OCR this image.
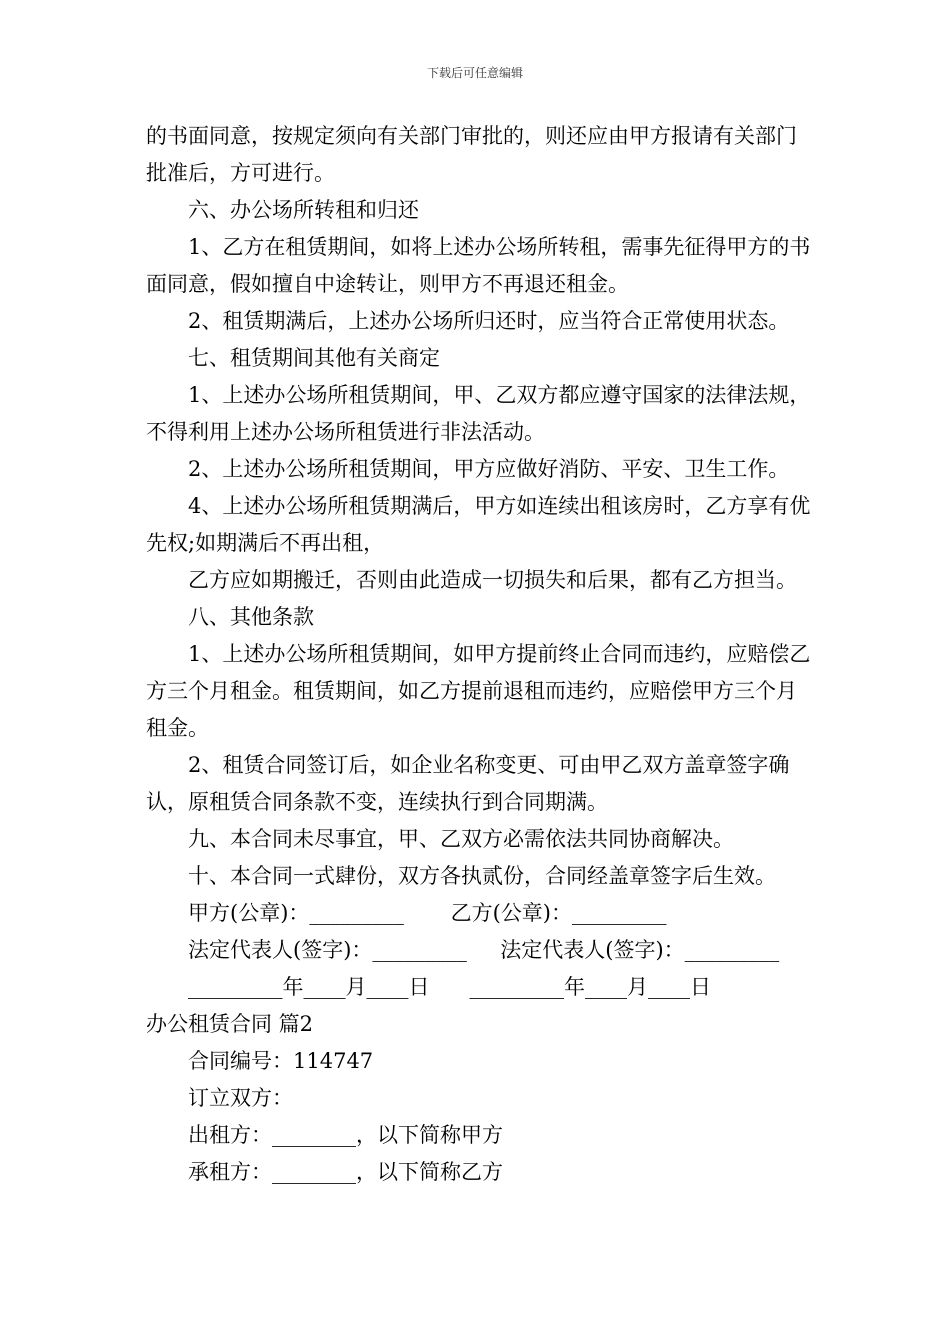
下载后可任意编辑

的书面同意，按规定须向有关部门审批的，则还应由甲方报请有关部门批准后，方可进行。

六、办公场所转租和归还

1、乙方在租赁期间，如将上述办公场所转租，需事先征得甲方的书面同意，假如擅自中途转让，则甲方不再退还租金。

2、租赁期满后，上述办公场所归还时，应当符合正常使用状态。

七、租赁期间其他有关商定

1、上述办公场所租赁期间，甲、乙双方都应遵守国家的法律法规，不得利用上述办公场所租赁进行非法活动。

2、上述办公场所租赁期间，甲方应做好消防、平安、卫生工作。

4、上述办公场所租赁期满后，甲方如连续出租该房时，乙方享有优先权;如期满后不再出租，

乙方应如期搬迁，否则由此造成一切损失和后果，都有乙方担当。

八、其他条款

1、上述办公场所租赁期间，如甲方提前终止合同而违约，应赔偿乙方三个月租金。租赁期间，如乙方提前退租而违约，应赔偿甲方三个月租金。

2、租赁合同签订后，如企业名称变更、可由甲乙双方盖章签字确认，原租赁合同条款不变，连续执行到合同期满。

九、本合同未尽事宜，甲、乙双方必需依法共同协商解决。

十、本合同一式肆份，双方各执贰份，合同经盖章签字后生效。

甲方(公章)：_________       乙方(公章)：_________

法定代表人(签字)：_________     法定代表人(签字)：_________

_________年____月____日      _________年____月____日

办公租赁合同 篇2

合同编号：114747

订立双方：

出租方：________，以下简称甲方

承租方：________，以下简称乙方
